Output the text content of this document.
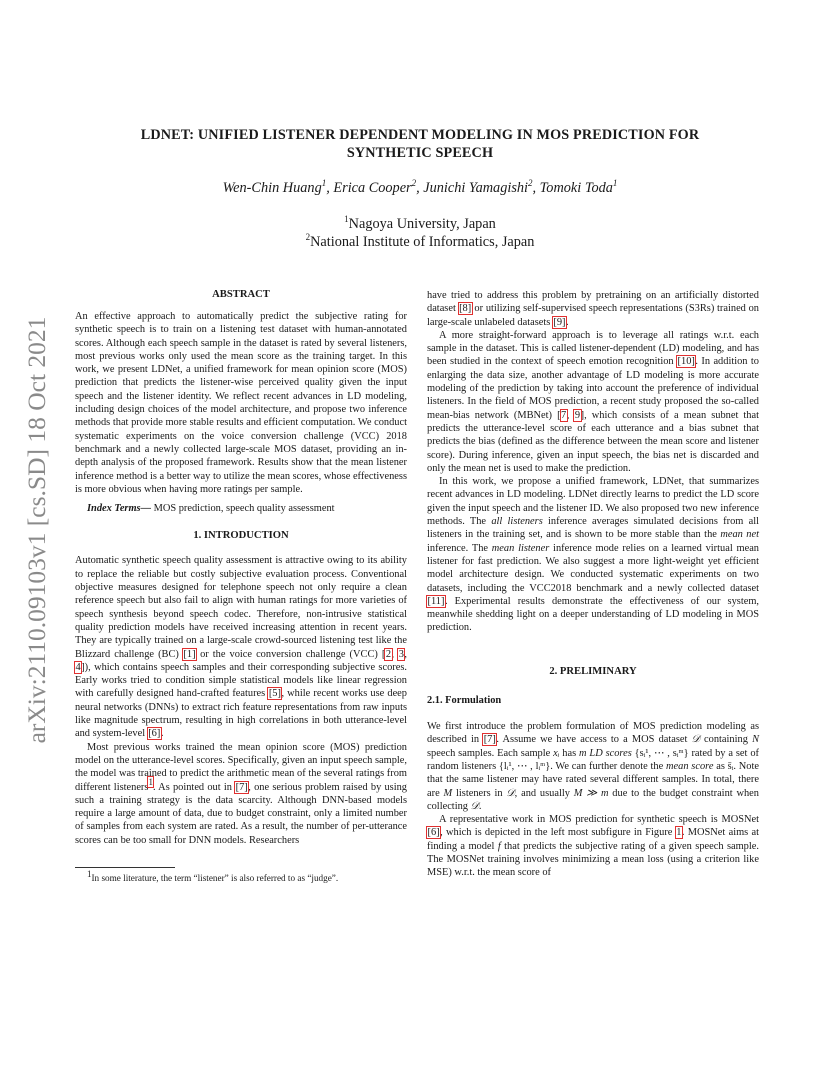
arXiv:2110.09103v1 [cs.SD] 18 Oct 2021
LDNET: UNIFIED LISTENER DEPENDENT MODELING IN MOS PREDICTION FOR
SYNTHETIC SPEECH
Wen-Chin Huang$^1$, Erica Cooper$^2$, Junichi Yamagishi$^2$, Tomoki Toda$^1$
$^1$Nagoya University, Japan
$^2$National Institute of Informatics, Japan
ABSTRACT

An effective approach to automatically predict the subjective rating for synthetic speech is to train on a listening test dataset with human-annotated scores. Although each speech sample in the dataset is rated by several listeners, most previous works only used the mean score as the training target. In this work, we present LDNet, a unified framework for mean opinion score (MOS) prediction that predicts the listener-wise perceived quality given the input speech and the listener identity. We reflect recent advances in LD modeling, including design choices of the model architecture, and propose two inference methods that provide more stable results and efficient computation. We conduct systematic experiments on the voice conversion challenge (VCC) 2018 benchmark and a newly collected large-scale MOS dataset, providing an in-depth analysis of the proposed framework. Results show that the mean listener inference method is a better way to utilize the mean scores, whose effectiveness is more obvious when having more ratings per sample.

Index Terms— MOS prediction, speech quality assessment

1. INTRODUCTION

Automatic synthetic speech quality assessment is attractive owing to its ability to replace the reliable but costly subjective evaluation process. Conventional objective measures designed for telephone speech not only require a clean reference speech but also fail to align with human ratings for more varieties of speech synthesis beyond speech codec. Therefore, non-intrusive statistical quality prediction models have received increasing attention in recent years. They are typically trained on a large-scale crowd-sourced listening test like the Blizzard challenge (BC) [1] or the voice conversion challenge (VCC) [2, 3, 4]), which contains speech samples and their corresponding subjective scores. Early works tried to condition simple statistical models like linear regression with carefully designed hand-crafted features [5], while recent works use deep neural networks (DNNs) to extract rich feature representations from raw inputs like magnitude spectrum, resulting in high correlations in both utterance-level and system-level [6].

Most previous works trained the mean opinion score (MOS) prediction model on the utterance-level scores. Specifically, given an input speech sample, the model was trained to predict the arithmetic mean of the several ratings from different listeners$^1$. As pointed out in [7], one serious problem raised by using such a training strategy is the data scarcity. Although DNN-based models require a large amount of data, due to budget constraint, only a limited number of samples from each system are rated. As a result, the number of per-utterance scores can be too small for DNN models. Researchers

$^1$In some literature, the term “listener” is also referred to as “judge”.

have tried to address this problem by pretraining on an artificially distorted dataset [8] or utilizing self-supervised speech representations (S3Rs) trained on large-scale unlabeled datasets [9].

A more straight-forward approach is to leverage all ratings w.r.t. each sample in the dataset. This is called listener-dependent (LD) modeling, and has been studied in the context of speech emotion recognition [10]. In addition to enlarging the data size, another advantage of LD modeling is more accurate modeling of the prediction by taking into account the preference of individual listeners. In the field of MOS prediction, a recent study proposed the so-called mean-bias network (MBNet) [7, 9], which consists of a mean subnet that predicts the utterance-level score of each utterance and a bias subnet that predicts the bias (defined as the difference between the mean score and listener score). During inference, given an input speech, the bias net is discarded and only the mean net is used to make the prediction.

In this work, we propose a unified framework, LDNet, that summarizes recent advances in LD modeling. LDNet directly learns to predict the LD score given the input speech and the listener ID. We also proposed two new inference methods. The all listeners inference averages simulated decisions from all listeners in the training set, and is shown to be more stable than the mean net inference. The mean listener inference mode relies on a learned virtual mean listener for fast prediction. We also suggest a more light-weight yet efficient model architecture design. We conducted systematic experiments on two datasets, including the VCC2018 benchmark and a newly collected dataset [11]. Experimental results demonstrate the effectiveness of our system, meanwhile shedding light on a deeper understanding of LD modeling in MOS prediction.

2. PRELIMINARY
2.1. Formulation

We first introduce the problem formulation of MOS prediction modeling as described in [7]. Assume we have access to a MOS dataset 𝒟 containing N speech samples. Each sample xᵢ has m LD scores {sᵢ¹, ⋯ , sᵢᵐ} rated by a set of random listeners {lᵢ¹, ⋯ , lᵢᵐ}. We can further denote the mean score as s̄ᵢ. Note that the same listener may have rated several different samples. In total, there are M listeners in 𝒟, and usually M ≫ m due to the budget constraint when collecting 𝒟.

A representative work in MOS prediction for synthetic speech is MOSNet [6], which is depicted in the left most subfigure in Figure 1. MOSNet aims at finding a model f that predicts the subjective rating of a given speech sample. The MOSNet training involves minimizing a mean loss (using a criterion like MSE) w.r.t. the mean score of
